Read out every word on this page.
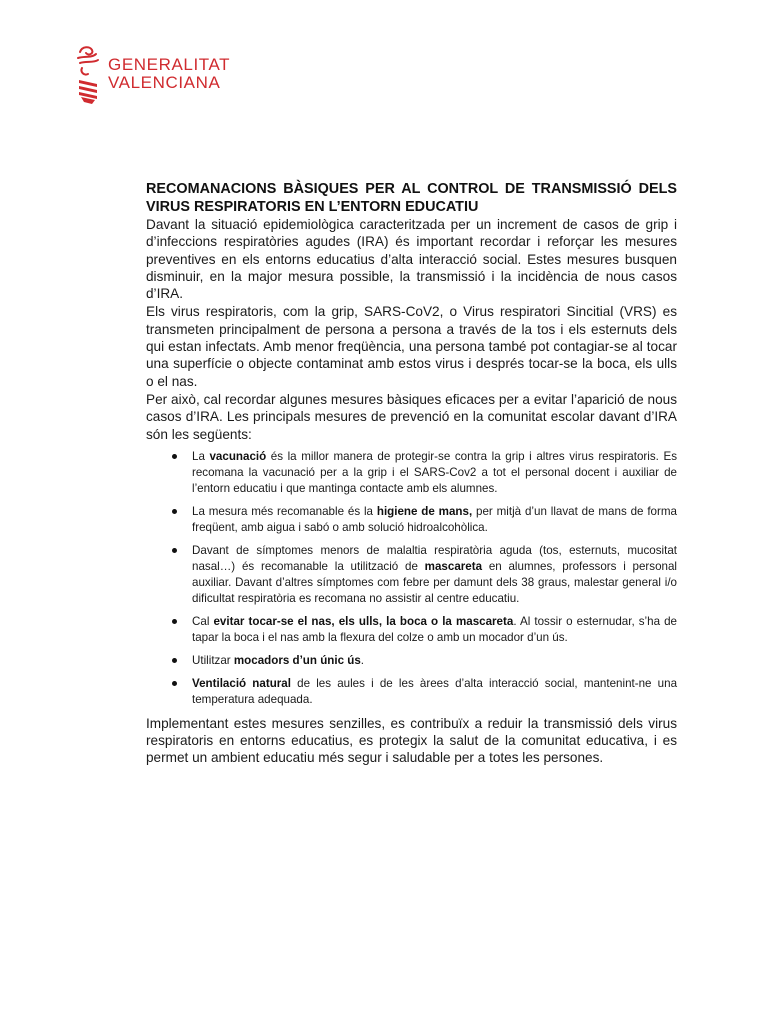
GENERALITAT
VALENCIANA
RECOMANACIONS BÀSIQUES PER AL CONTROL DE TRANSMISSIÓ DELS VIRUS RESPIRATORIS EN L’ENTORN EDUCATIU

Davant la situació epidemiològica caracteritzada per un increment de casos de grip i d’infeccions respiratòries agudes (IRA) és important recordar i reforçar les mesures preventives en els entorns educatius d’alta interacció social. Estes mesures busquen disminuir, en la major mesura possible, la transmissió i la incidència de nous casos d’IRA.

Els virus respiratoris, com la grip, SARS-CoV2, o Virus respiratori Sincitial (VRS) es transmeten principalment de persona a persona a través de la tos i els esternuts dels qui estan infectats. Amb menor freqüència, una persona també pot contagiar-se al tocar una superfície o objecte contaminat amb estos virus i després tocar-se la boca, els ulls o el nas.

Per això, cal recordar algunes mesures bàsiques eficaces per a evitar l’aparició de nous casos d’IRA. Les principals mesures de prevenció en la comunitat escolar davant d’IRA són les següents:

La vacunació és la millor manera de protegir-se contra la grip i altres virus respiratoris. Es recomana la vacunació per a la grip i el SARS-Cov2 a tot el personal docent i auxiliar de l’entorn educatiu i que mantinga contacte amb els alumnes.
La mesura més recomanable és la higiene de mans, per mitjà d’un llavat de mans de forma freqüent, amb aigua i sabó o amb solució hidroalcohòlica.
Davant de símptomes menors de malaltia respiratòria aguda (tos, esternuts, mucositat nasal…) és recomanable la utilització de mascareta en alumnes, professors i personal auxiliar. Davant d’altres símptomes com febre per damunt dels 38 graus, malestar general i/o dificultat respiratòria es recomana no assistir al centre educatiu.
Cal evitar tocar-se el nas, els ulls, la boca o la mascareta. Al tossir o esternudar, s’ha de tapar la boca i el nas amb la flexura del colze o amb un mocador d’un ús.
Utilitzar mocadors d’un únic ús.
Ventilació natural de les aules i de les àrees d’alta interacció social, mantenint-ne una temperatura adequada.

Implementant estes mesures senzilles, es contribuïx a reduir la transmissió dels virus respiratoris en entorns educatius, es protegix la salut de la comunitat educativa, i es permet un ambient educatiu més segur i saludable per a totes les persones.
